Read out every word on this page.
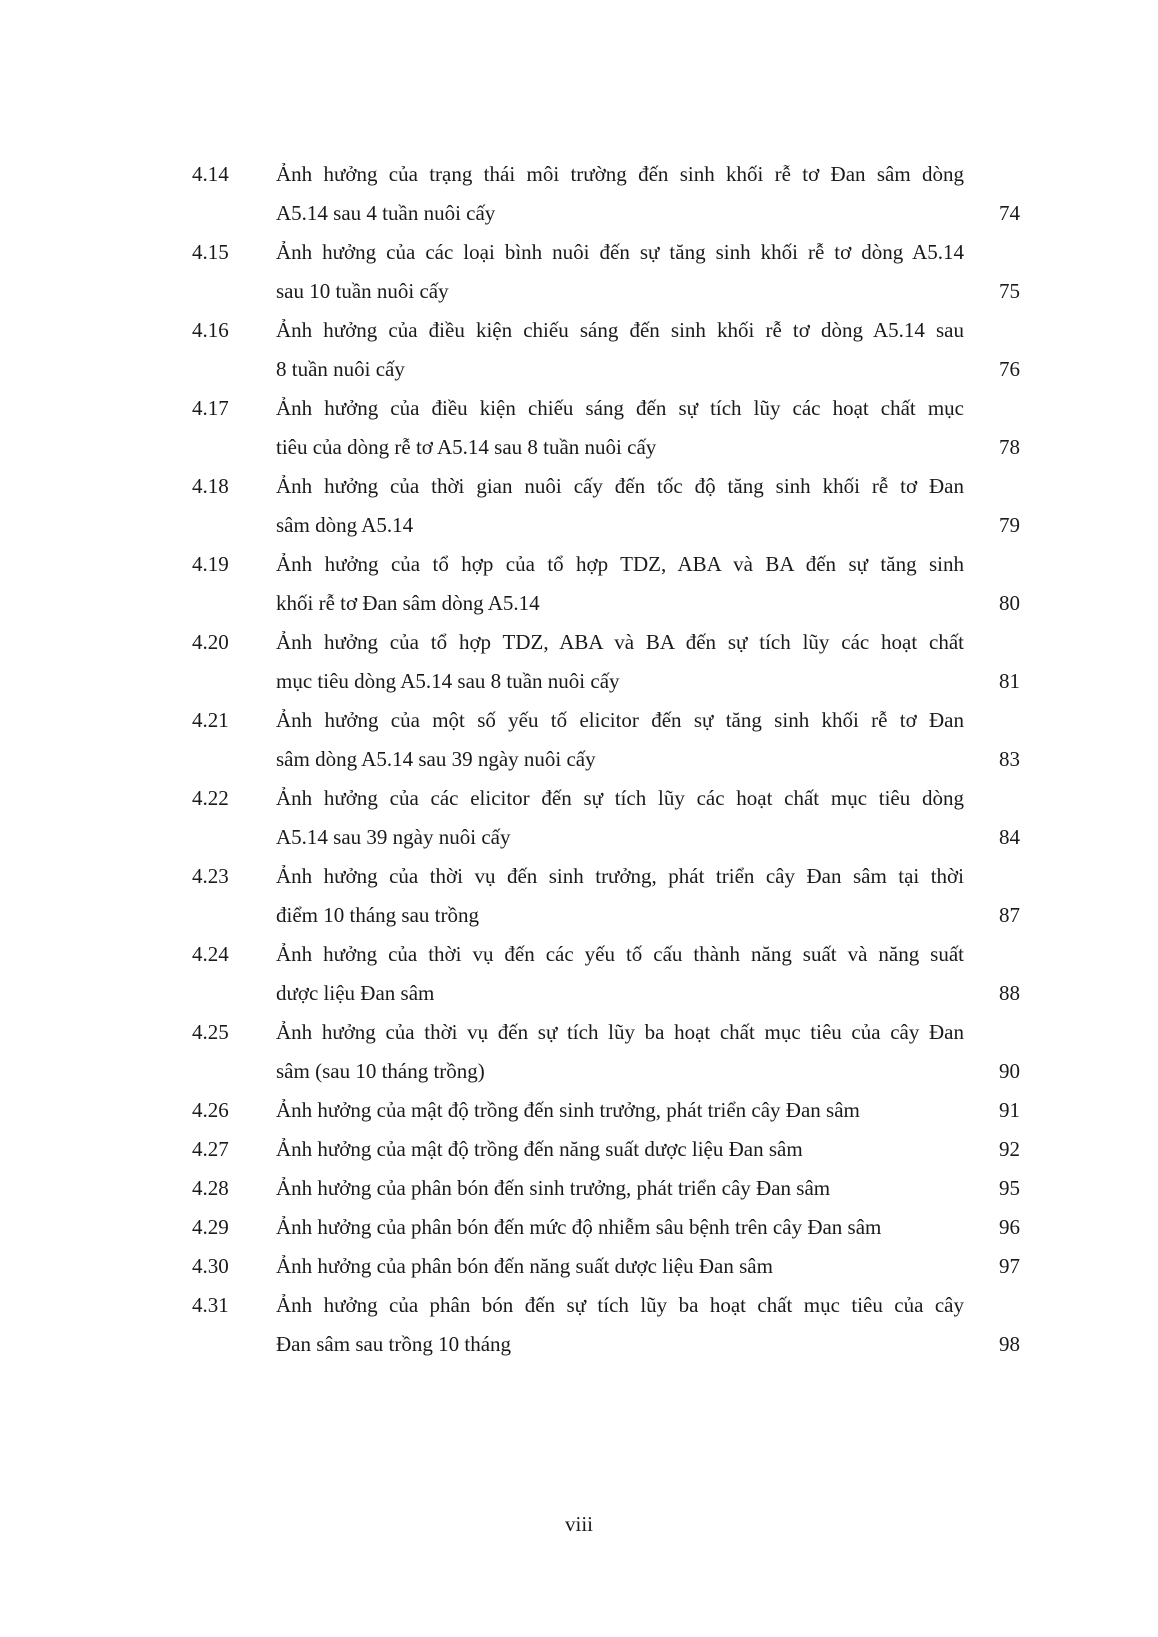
4.14 Ảnh hưởng của trạng thái môi trường đến sinh khối rễ tơ Đan sâm dòng
A5.14 sau 4 tuần nuôi cấy	74
4.15 Ảnh hưởng của các loại bình nuôi đến sự tăng sinh khối rễ tơ dòng A5.14
sau 10 tuần nuôi cấy	75
4.16 Ảnh hưởng của điều kiện chiếu sáng đến sinh khối rễ tơ dòng A5.14 sau
8 tuần nuôi cấy	76
4.17 Ảnh hưởng của điều kiện chiếu sáng đến sự tích lũy các hoạt chất mục
tiêu của dòng rễ tơ A5.14 sau 8 tuần nuôi cấy	78
4.18 Ảnh hưởng của thời gian nuôi cấy đến tốc độ tăng sinh khối rễ tơ Đan
sâm dòng A5.14	79
4.19 Ảnh hưởng của tổ hợp của tổ hợp TDZ, ABA và BA đến sự tăng sinh
khối rễ tơ Đan sâm dòng A5.14	80
4.20 Ảnh hưởng của tổ hợp TDZ, ABA và BA đến sự tích lũy các hoạt chất
mục tiêu dòng A5.14 sau 8 tuần nuôi cấy	81
4.21 Ảnh hưởng của một số yếu tố elicitor đến sự tăng sinh khối rễ tơ Đan
sâm dòng A5.14 sau 39 ngày nuôi cấy	83
4.22 Ảnh hưởng của các elicitor đến sự tích lũy các hoạt chất mục tiêu dòng
A5.14 sau 39 ngày nuôi cấy	84
4.23 Ảnh hưởng của thời vụ đến sinh trưởng, phát triển cây Đan sâm tại thời
điểm 10 tháng sau trồng	87
4.24 Ảnh hưởng của thời vụ đến các yếu tố cấu thành năng suất và năng suất
dược liệu Đan sâm	88
4.25 Ảnh hưởng của thời vụ đến sự tích lũy ba hoạt chất mục tiêu của cây Đan
sâm (sau 10 tháng trồng)	90
4.26 Ảnh hưởng của mật độ trồng đến sinh trưởng, phát triển cây Đan sâm	91
4.27 Ảnh hưởng của mật độ trồng đến năng suất dược liệu Đan sâm	92
4.28 Ảnh hưởng của phân bón đến sinh trưởng, phát triển cây Đan sâm	95
4.29 Ảnh hưởng của phân bón đến mức độ nhiễm sâu bệnh trên cây Đan sâm	96
4.30 Ảnh hưởng của phân bón đến năng suất dược liệu Đan sâm	97
4.31 Ảnh hưởng của phân bón đến sự tích lũy ba hoạt chất mục tiêu của cây
Đan sâm sau trồng 10 tháng	98
viii
